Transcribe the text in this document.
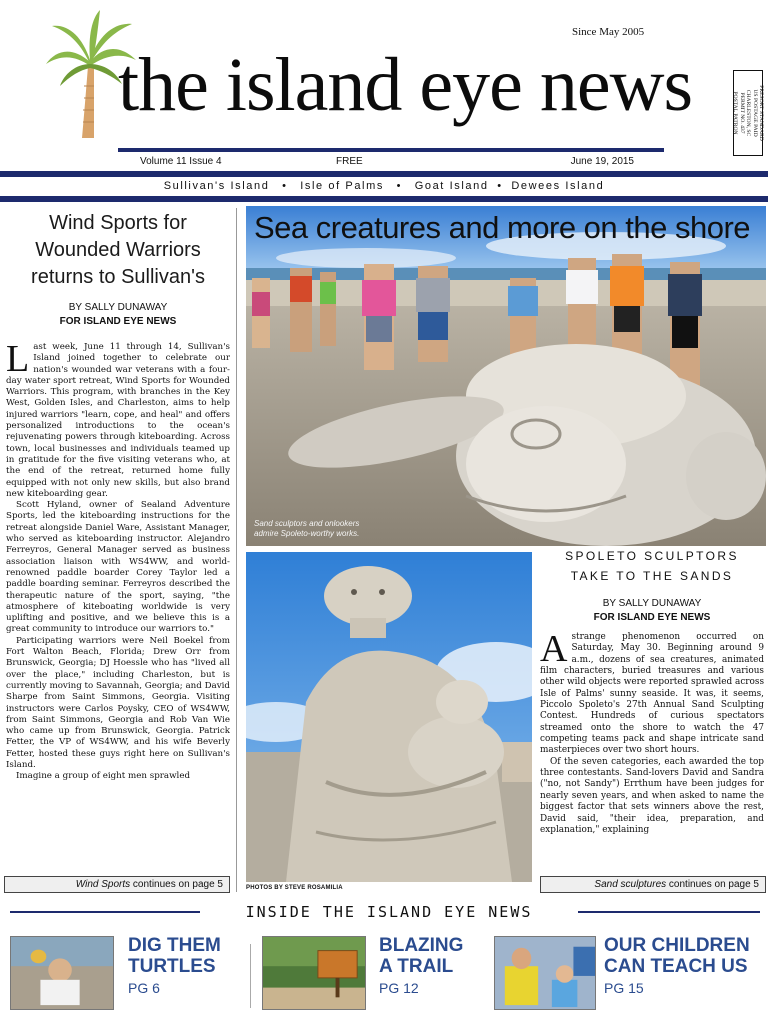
the island eye news
Since May 2005
PRESORT STANDARD
US POSTAGE PAID
CHARLESTON, SC
PERMIT NO. 437
POSTAL PATRON
Volume 11 Issue 4	FREE	June 19, 2015
Sullivan's Island • Isle of Palms • Goat Island • Dewees Island
Wind Sports for Wounded Warriors returns to Sullivan's
BY SALLY DUNAWAY
FOR ISLAND EYE NEWS

Last week, June 11 through 14, Sullivan's Island joined together to celebrate our nation's wounded war veterans with a four-day water sport retreat, Wind Sports for Wounded Warriors. This program, with branches in the Key West, Golden Isles, and Charleston, aims to help injured warriors "learn, cope, and heal" and offers personalized introductions to the ocean's rejuvenating powers through kiteboarding. Across town, local businesses and individuals teamed up in gratitude for the five visiting veterans who, at the end of the retreat, returned home fully equipped with not only new skills, but also brand new kiteboarding gear.

Scott Hyland, owner of Sealand Adventure Sports, led the kiteboarding instructions for the retreat alongside Daniel Ware, Assistant Manager, who served as kiteboarding instructor. Alejandro Ferreyros, General Manager served as business association liaison with WS4WW, and world-renowned paddle boarder Corey Taylor led a paddle boarding seminar. Ferreyros described the therapeutic nature of the sport, saying, "the atmosphere of kiteboating worldwide is very uplifting and positive, and we believe this is a great community to introduce our warriors to."

Participating warriors were Neil Boekel from Fort Walton Beach, Florida; Drew Orr from Brunswick, Georgia; DJ Hoessle who has "lived all over the place," including Charleston, but is currently moving to Savannah, Georgia; and David Sharpe from Saint Simmons, Georgia. Visiting instructors were Carlos Poysky, CEO of WS4WW, from Saint Simmons, Georgia and Rob Van Wie who came up from Brunswick, Georgia. Patrick Fetter, the VP of WS4WW, and his wife Beverly Fetter, hosted these guys right here on Sullivan's Island.

Imagine a group of eight men sprawled

Wind Sports continues on page 5
Sea creatures and more on the shore
Sand sculptors and onlookers
admire Spoleto-worthy works.
PHOTOS BY STEVE ROSAMILIA
SPOLETO SCULPTORS
TAKE TO THE SANDS
BY SALLY DUNAWAY
FOR ISLAND EYE NEWS

Astrange phenomenon occurred on Saturday, May 30. Beginning around 9 a.m., dozens of sea creatures, animated film characters, buried treasures and various other wild objects were reported sprawled across Isle of Palms' sunny seaside. It was, it seems, Piccolo Spoleto's 27th Annual Sand Sculpting Contest. Hundreds of curious spectators streamed onto the shore to watch the 47 competing teams pack and shape intricate sand masterpieces over two short hours.

Of the seven categories, each awarded the top three contestants. Sand-lovers David and Sandra ("no, not Sandy") Errthum have been judges for nearly seven years, and when asked to name the biggest factor that sets winners above the rest, David said, "their idea, preparation, and explanation," explaining

Sand sculptures continues on page 5
INSIDE THE ISLAND EYE NEWS
DIG THEM
TURTLES
PG 6
BLAZING
A TRAIL
PG 12
OUR CHILDREN
CAN TEACH US
PG 15
